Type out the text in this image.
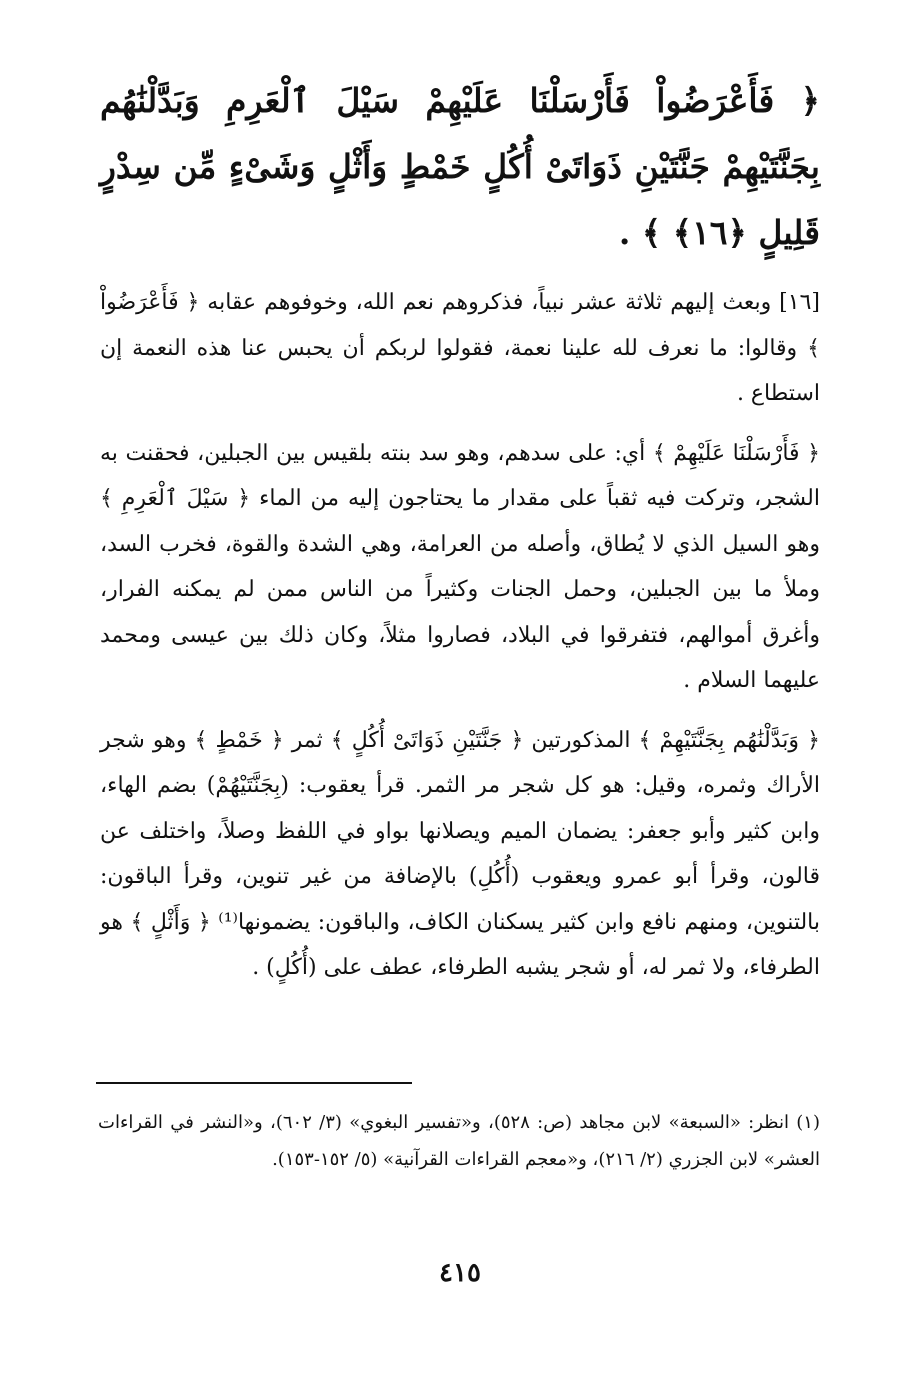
﴿ فَأَعْرَضُواْ فَأَرْسَلْنَا عَلَيْهِمْ سَيْلَ ٱلْعَرِمِ وَبَدَّلْنَٰهُم بِجَنَّتَيْهِمْ جَنَّتَيْنِ ذَوَاتَىْ أُكُلٍ خَمْطٍ وَأَثْلٍ وَشَىْءٍ مِّن سِدْرٍ قَلِيلٍ ﴿١٦﴾ ﴾ .

[١٦] وبعث إليهم ثلاثة عشر نبياً، فذكروهم نعم الله، وخوفوهم عقابه ﴿ فَأَعْرَضُواْ ﴾ وقالوا: ما نعرف لله علينا نعمة، فقولوا لربكم أن يحبس عنا هذه النعمة إن استطاع .

﴿ فَأَرْسَلْنَا عَلَيْهِمْ ﴾ أي: على سدهم، وهو سد بنته بلقيس بين الجبلين، فحقنت به الشجر، وتركت فيه ثقباً على مقدار ما يحتاجون إليه من الماء ﴿ سَيْلَ ٱلْعَرِمِ ﴾ وهو السيل الذي لا يُطاق، وأصله من العرامة، وهي الشدة والقوة، فخرب السد، وملأ ما بين الجبلين، وحمل الجنات وكثيراً من الناس ممن لم يمكنه الفرار، وأغرق أموالهم، فتفرقوا في البلاد، فصاروا مثلاً، وكان ذلك بين عيسى ومحمد عليهما السلام .

﴿ وَبَدَّلْنَٰهُم بِجَنَّتَيْهِمْ ﴾ المذكورتين ﴿ جَنَّتَيْنِ ذَوَاتَىْ أُكُلٍ ﴾ ثمر ﴿ خَمْطٍ ﴾ وهو شجر الأراك وثمره، وقيل: هو كل شجر مر الثمر. قرأ يعقوب: (بِجَنَّتَيْهُمْ) بضم الهاء، وابن كثير وأبو جعفر: يضمان الميم ويصلانها بواو في اللفظ وصلاً، واختلف عن قالون، وقرأ أبو عمرو ويعقوب (أُكُلِ) بالإضافة من غير تنوين، وقرأ الباقون: بالتنوين، ومنهم نافع وابن كثير يسكنان الكاف، والباقون: يضمونها⁽¹⁾ ﴿ وَأَثْلٍ ﴾ هو الطرفاء، ولا ثمر له، أو شجر يشبه الطرفاء، عطف على (أُكُلٍ) .

(١) انظر: «السبعة» لابن مجاهد (ص: ٥٢٨)، و«تفسير البغوي» (٣/ ٦٠٢)، و«النشر في القراءات العشر» لابن الجزري (٢/ ٢١٦)، و«معجم القراءات القرآنية» (٥/ ١٥٢-١٥٣).

٤١٥
